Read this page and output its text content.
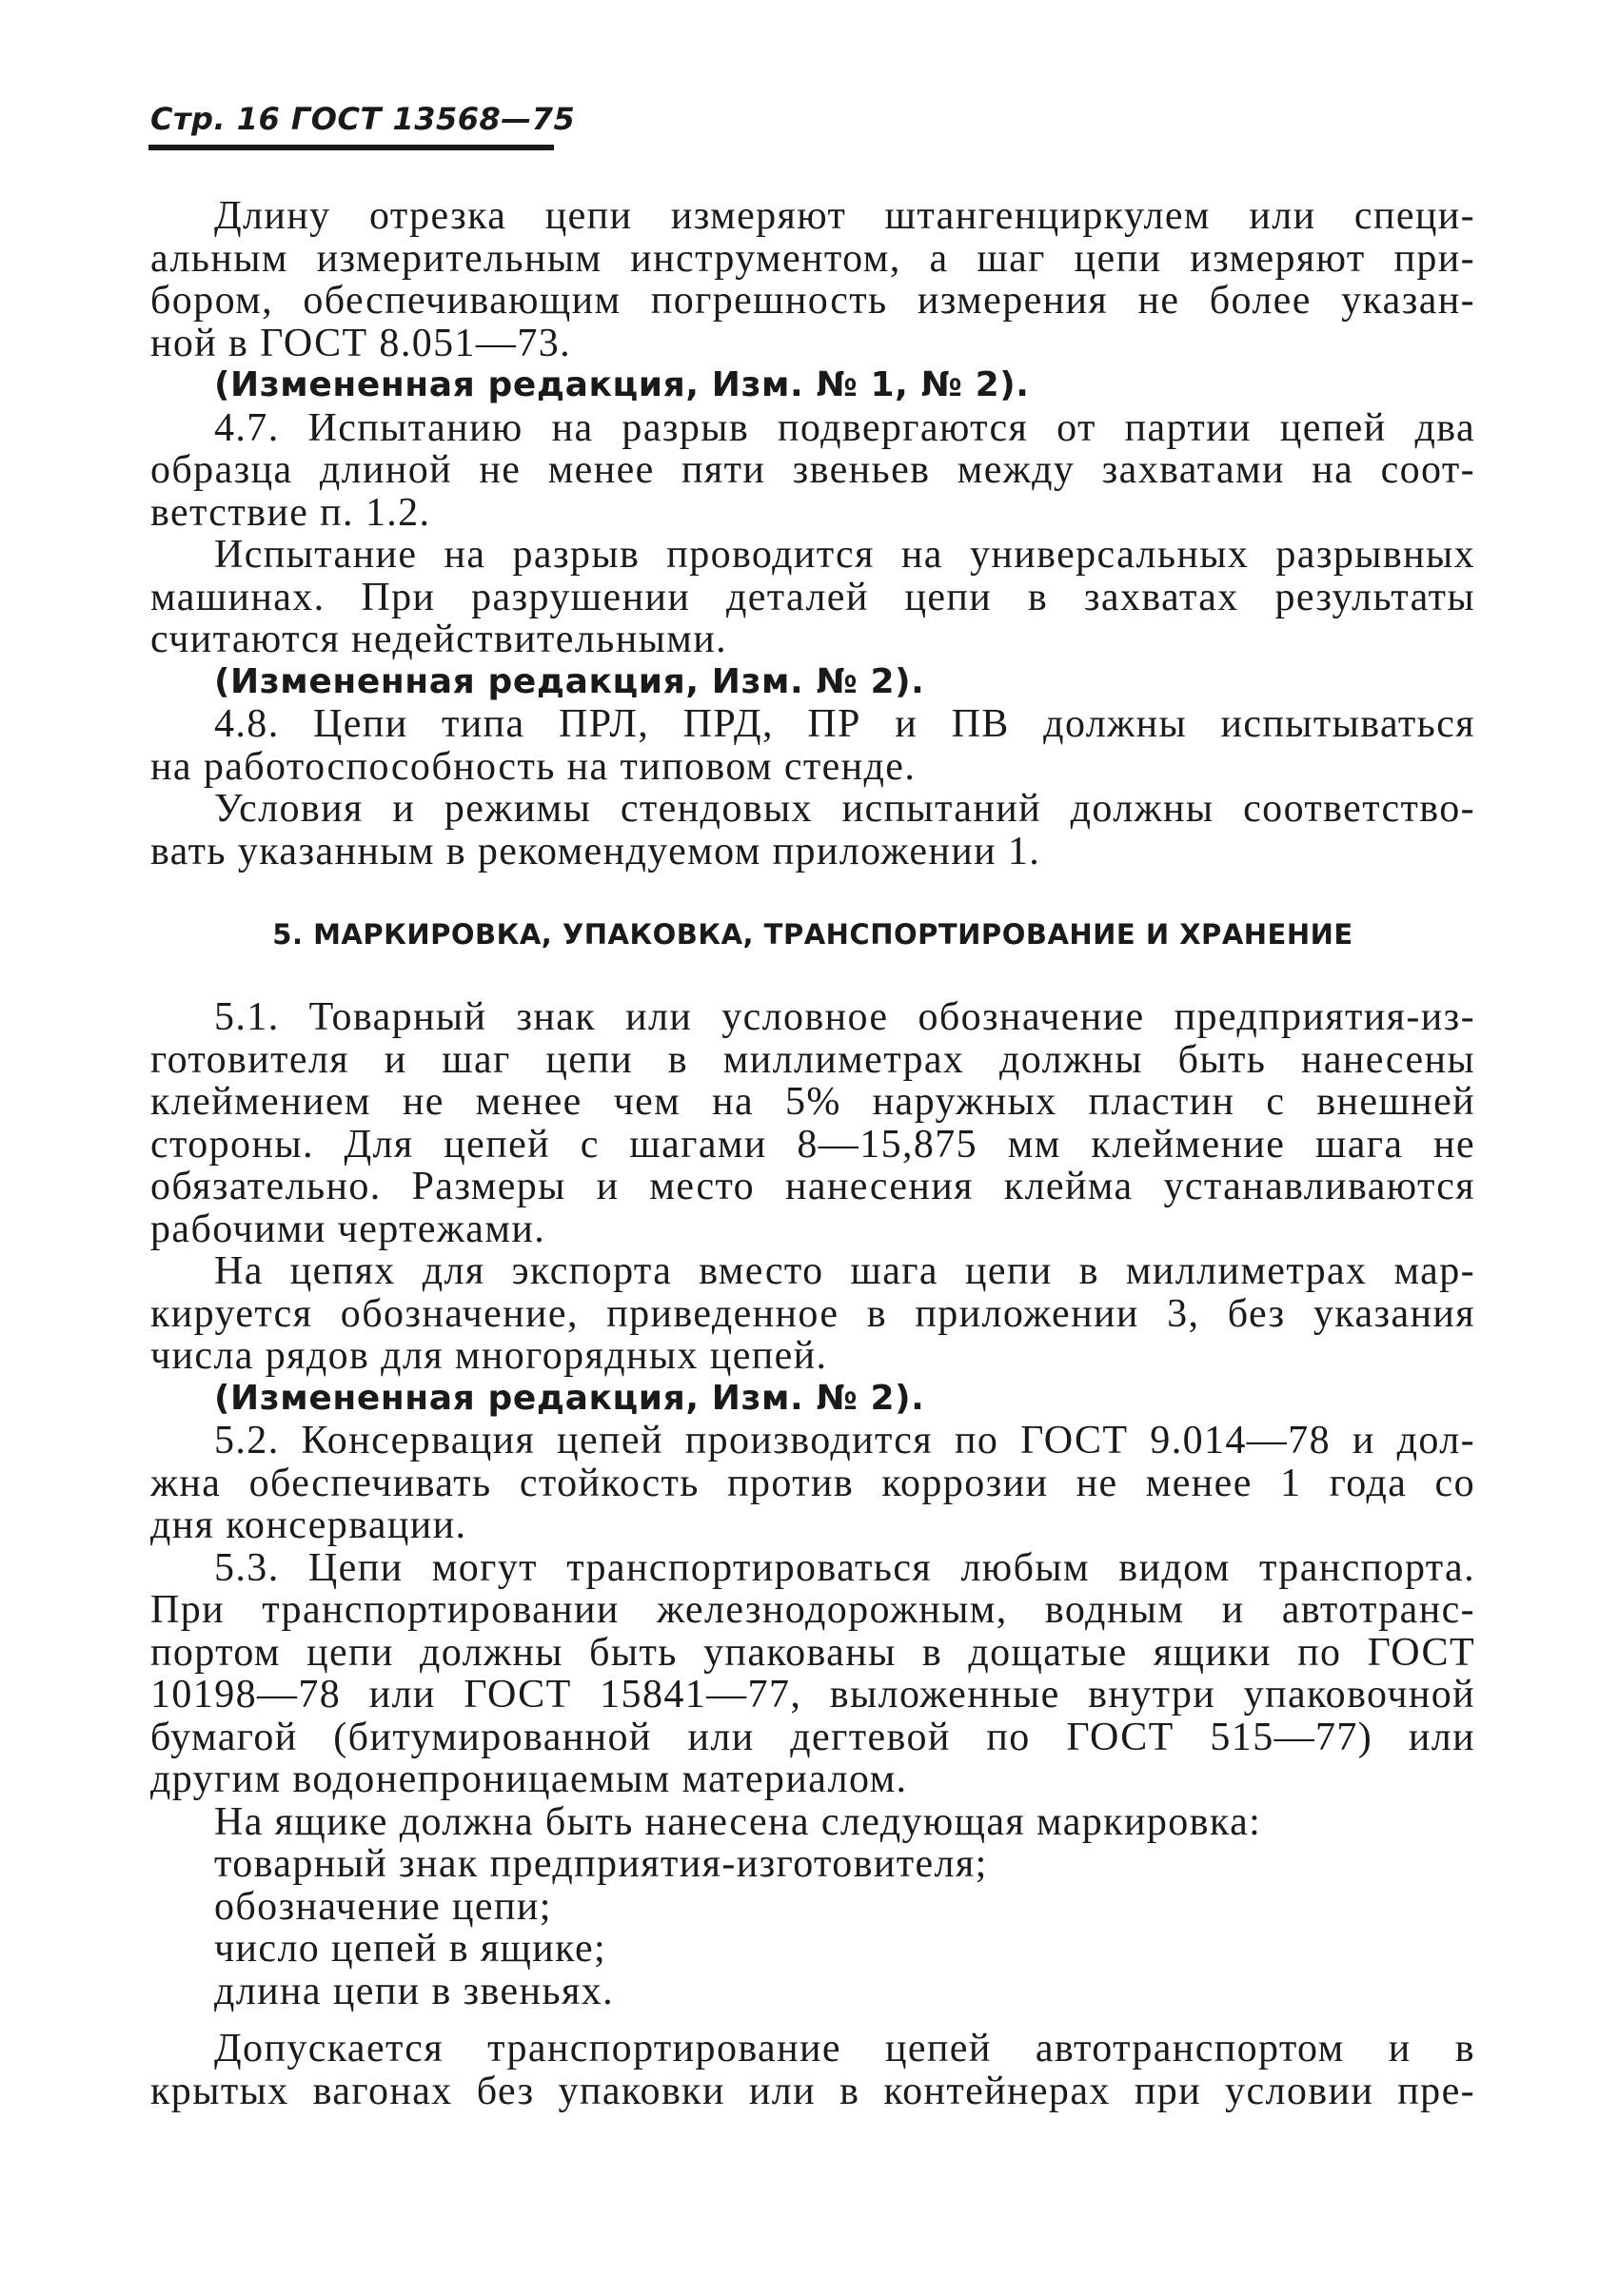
Стр. 16 ГОСТ 13568—75
Длину отрезка цепи измеряют штангенциркулем или специ-
альным измерительным инструментом, а шаг цепи измеряют при-
бором, обеспечивающим погрешность измерения не более указан-
ной в ГОСТ 8.051—73.
(Измененная редакция, Изм. № 1, № 2).
4.7. Испытанию на разрыв подвергаются от партии цепей два
образца длиной не менее пяти звеньев между захватами на соот-
ветствие п. 1.2.
Испытание на разрыв проводится на универсальных разрывных
машинах. При разрушении деталей цепи в захватах результаты
считаются недействительными.
(Измененная редакция, Изм. № 2).
4.8. Цепи типа ПРЛ, ПРД, ПР и ПВ должны испытываться
на работоспособность на типовом стенде.
Условия и режимы стендовых испытаний должны соответство-
вать указанным в рекомендуемом приложении 1.
5. МАРКИРОВКА, УПАКОВКА, ТРАНСПОРТИРОВАНИЕ И ХРАНЕНИЕ
5.1. Товарный знак или условное обозначение предприятия-из-
готовителя и шаг цепи в миллиметрах должны быть нанесены
клеймением не менее чем на 5% наружных пластин с внешней
стороны. Для цепей с шагами 8—15,875 мм клеймение шага не
обязательно. Размеры и место нанесения клейма устанавливаются
рабочими чертежами.
На цепях для экспорта вместо шага цепи в миллиметрах мар-
кируется обозначение, приведенное в приложении 3, без указания
числа рядов для многорядных цепей.
(Измененная редакция, Изм. № 2).
5.2. Консервация цепей производится по ГОСТ 9.014—78 и дол-
жна обеспечивать стойкость против коррозии не менее 1 года со
дня консервации.
5.3. Цепи могут транспортироваться любым видом транспорта.
При транспортировании железнодорожным, водным и автотранс-
портом цепи должны быть упакованы в дощатые ящики по ГОСТ
10198—78 или ГОСТ 15841—77, выложенные внутри упаковочной
бумагой (битумированной или дегтевой по ГОСТ 515—77) или
другим водонепроницаемым материалом.
На ящике должна быть нанесена следующая маркировка:
товарный знак предприятия-изготовителя;
обозначение цепи;
число цепей в ящике;
длина цепи в звеньях.
Допускается транспортирование цепей автотранспортом и в
крытых вагонах без упаковки или в контейнерах при условии пре-
